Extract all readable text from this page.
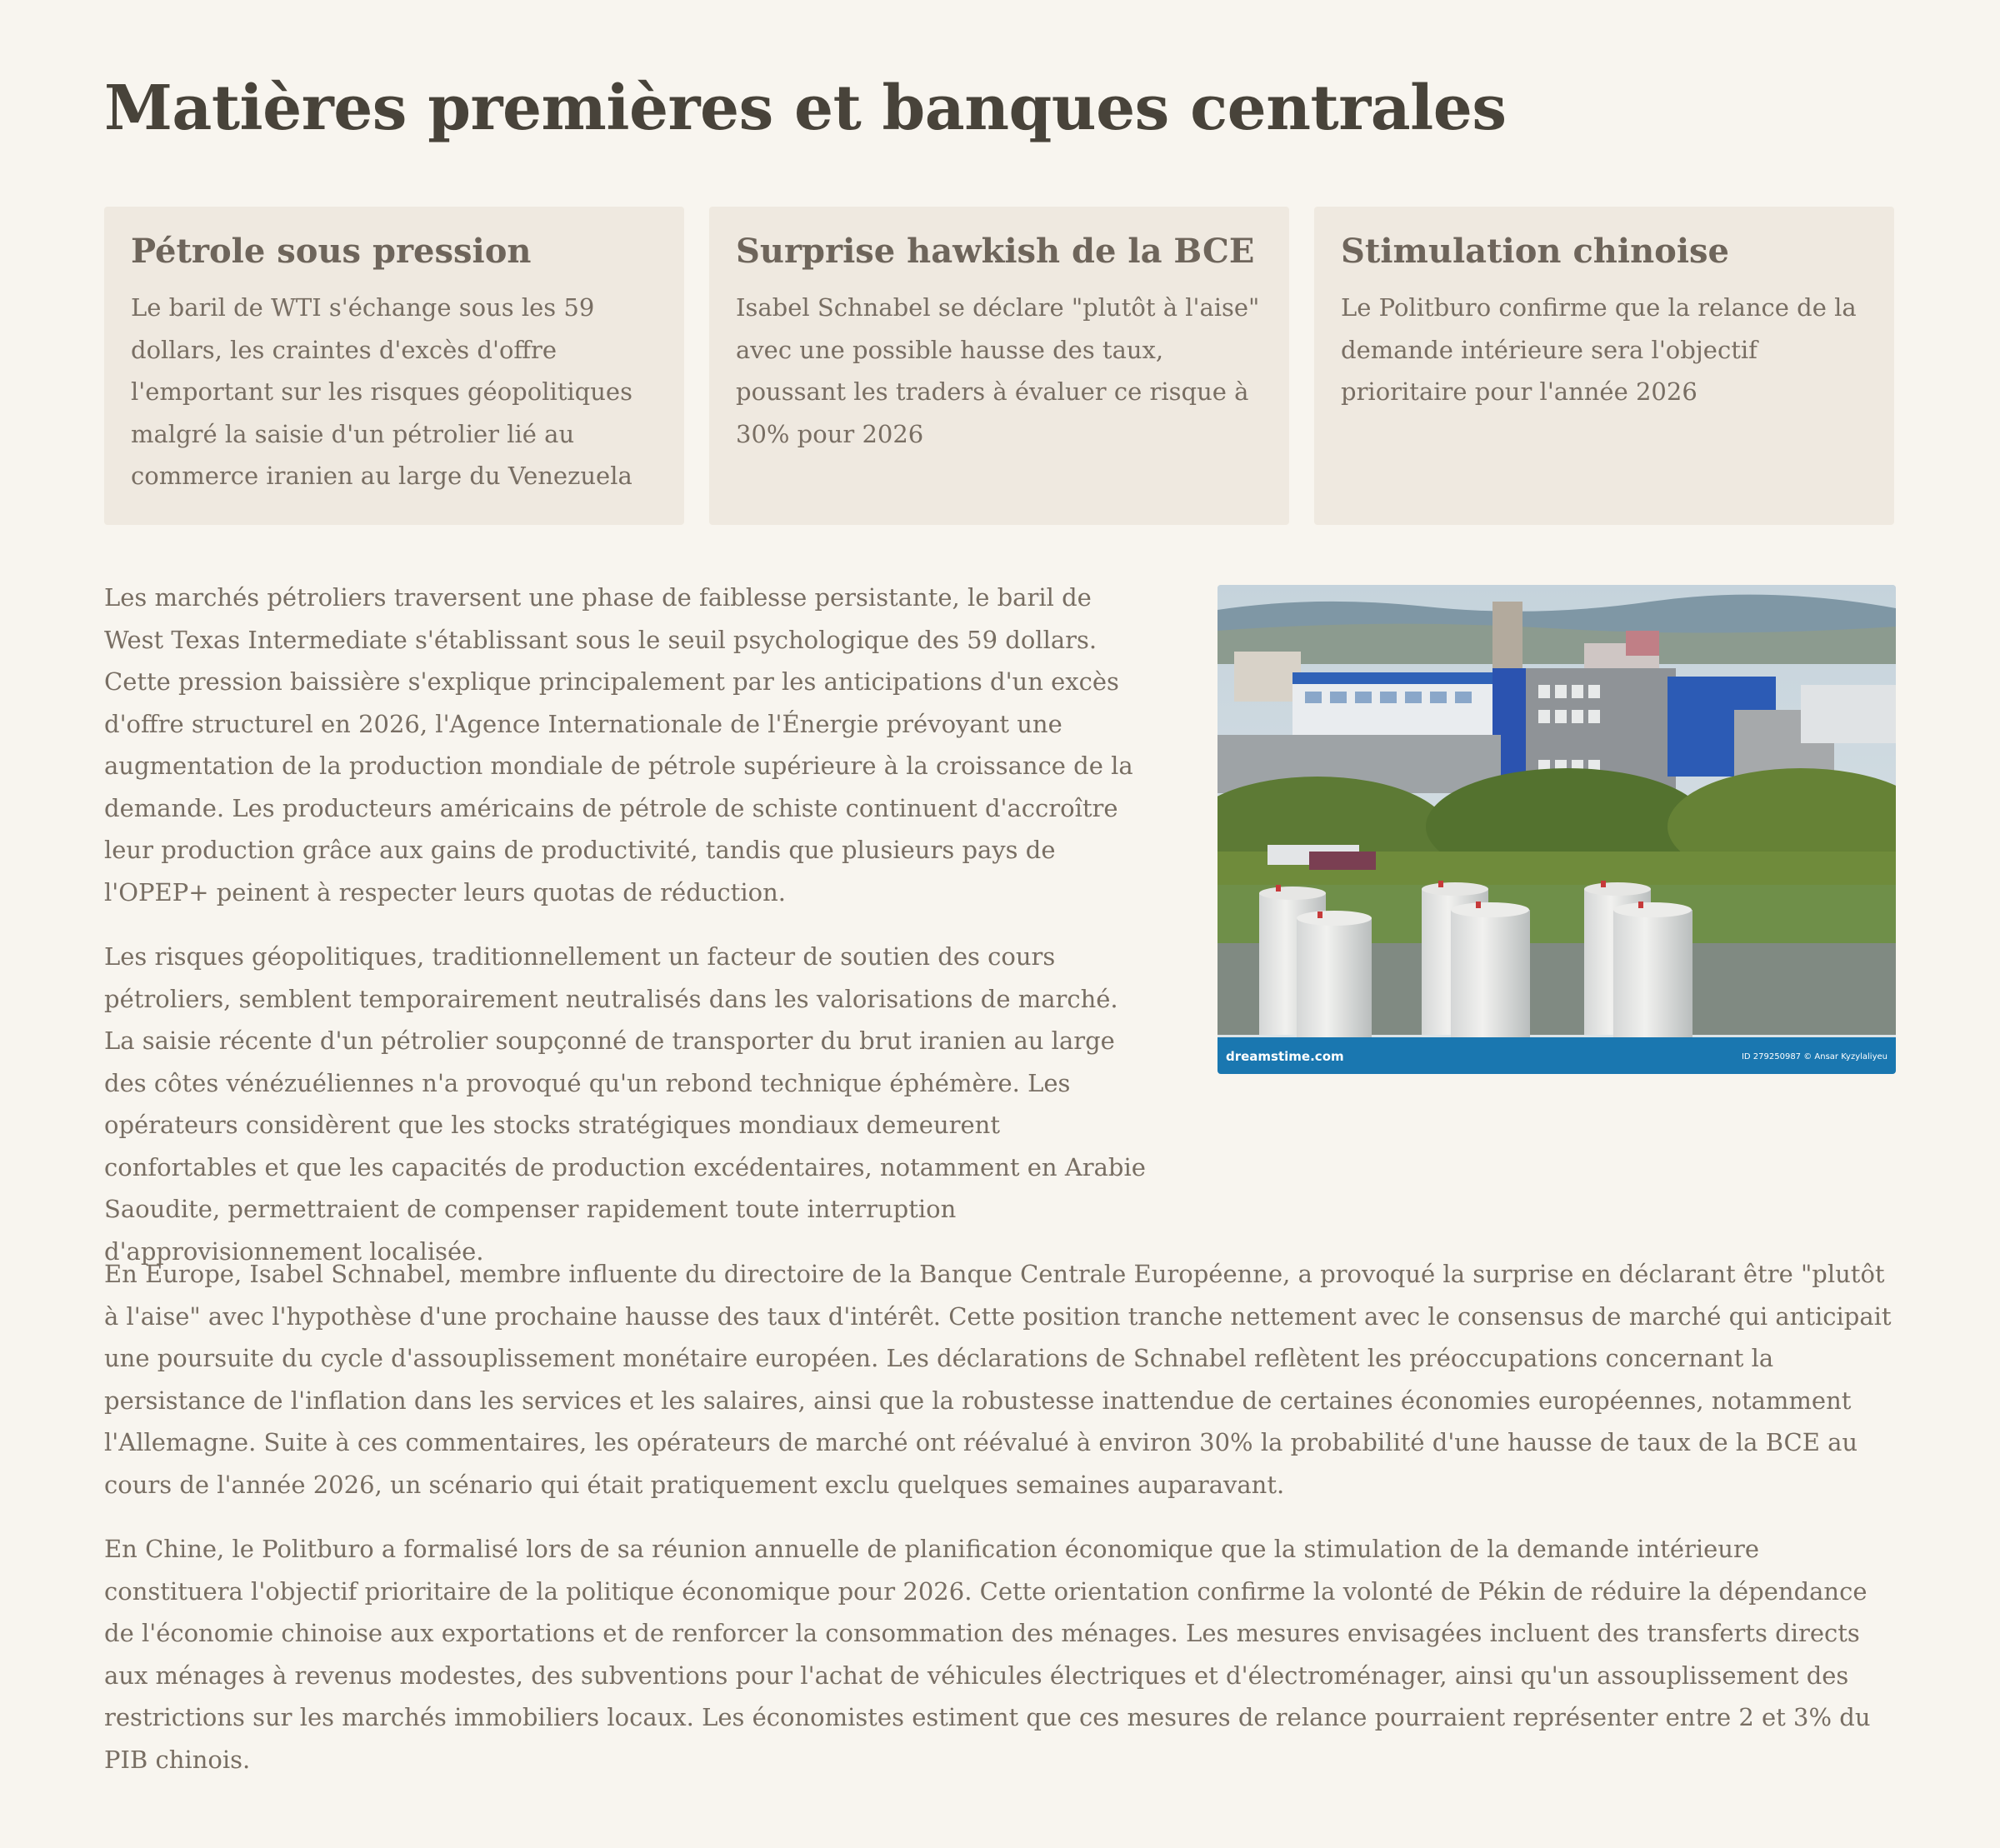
Matières premières et banques centrales
Pétrole sous pression

Le baril de WTI s'échange sous les 59 dollars, les craintes d'excès d'offre l'emportant sur les risques géopolitiques malgré la saisie d'un pétrolier lié au commerce iranien au large du Venezuela

Surprise hawkish de la BCE

Isabel Schnabel se déclare "plutôt à l'aise" avec une possible hausse des taux, poussant les traders à évaluer ce risque à 30% pour 2026

Stimulation chinoise

Le Politburo confirme que la relance de la demande intérieure sera l'objectif prioritaire pour l'année 2026

Les marchés pétroliers traversent une phase de faiblesse persistante, le baril de West Texas Intermediate s'établissant sous le seuil psychologique des 59 dollars. Cette pression baissière s'explique principalement par les anticipations d'un excès d'offre structurel en 2026, l'Agence Internationale de l'Énergie prévoyant une augmentation de la production mondiale de pétrole supérieure à la croissance de la demande. Les producteurs américains de pétrole de schiste continuent d'accroître leur production grâce aux gains de productivité, tandis que plusieurs pays de l'OPEP+ peinent à respecter leurs quotas de réduction.

Les risques géopolitiques, traditionnellement un facteur de soutien des cours pétroliers, semblent temporairement neutralisés dans les valorisations de marché. La saisie récente d'un pétrolier soupçonné de transporter du brut iranien au large des côtes vénézuéliennes n'a provoqué qu'un rebond technique éphémère. Les opérateurs considèrent que les stocks stratégiques mondiaux demeurent confortables et que les capacités de production excédentaires, notamment en Arabie Saoudite, permettraient de compenser rapidement toute interruption d'approvisionnement localisée.

dreamstime.com	ID 279250987 © Ansar Kyzylaliyeu

En Europe, Isabel Schnabel, membre influente du directoire de la Banque Centrale Européenne, a provoqué la surprise en déclarant être "plutôt à l'aise" avec l'hypothèse d'une prochaine hausse des taux d'intérêt. Cette position tranche nettement avec le consensus de marché qui anticipait une poursuite du cycle d'assouplissement monétaire européen. Les déclarations de Schnabel reflètent les préoccupations concernant la persistance de l'inflation dans les services et les salaires, ainsi que la robustesse inattendue de certaines économies européennes, notamment l'Allemagne. Suite à ces commentaires, les opérateurs de marché ont réévalué à environ 30% la probabilité d'une hausse de taux de la BCE au cours de l'année 2026, un scénario qui était pratiquement exclu quelques semaines auparavant.

En Chine, le Politburo a formalisé lors de sa réunion annuelle de planification économique que la stimulation de la demande intérieure constituera l'objectif prioritaire de la politique économique pour 2026. Cette orientation confirme la volonté de Pékin de réduire la dépendance de l'économie chinoise aux exportations et de renforcer la consommation des ménages. Les mesures envisagées incluent des transferts directs aux ménages à revenus modestes, des subventions pour l'achat de véhicules électriques et d'électroménager, ainsi qu'un assouplissement des restrictions sur les marchés immobiliers locaux. Les économistes estiment que ces mesures de relance pourraient représenter entre 2 et 3% du PIB chinois.
